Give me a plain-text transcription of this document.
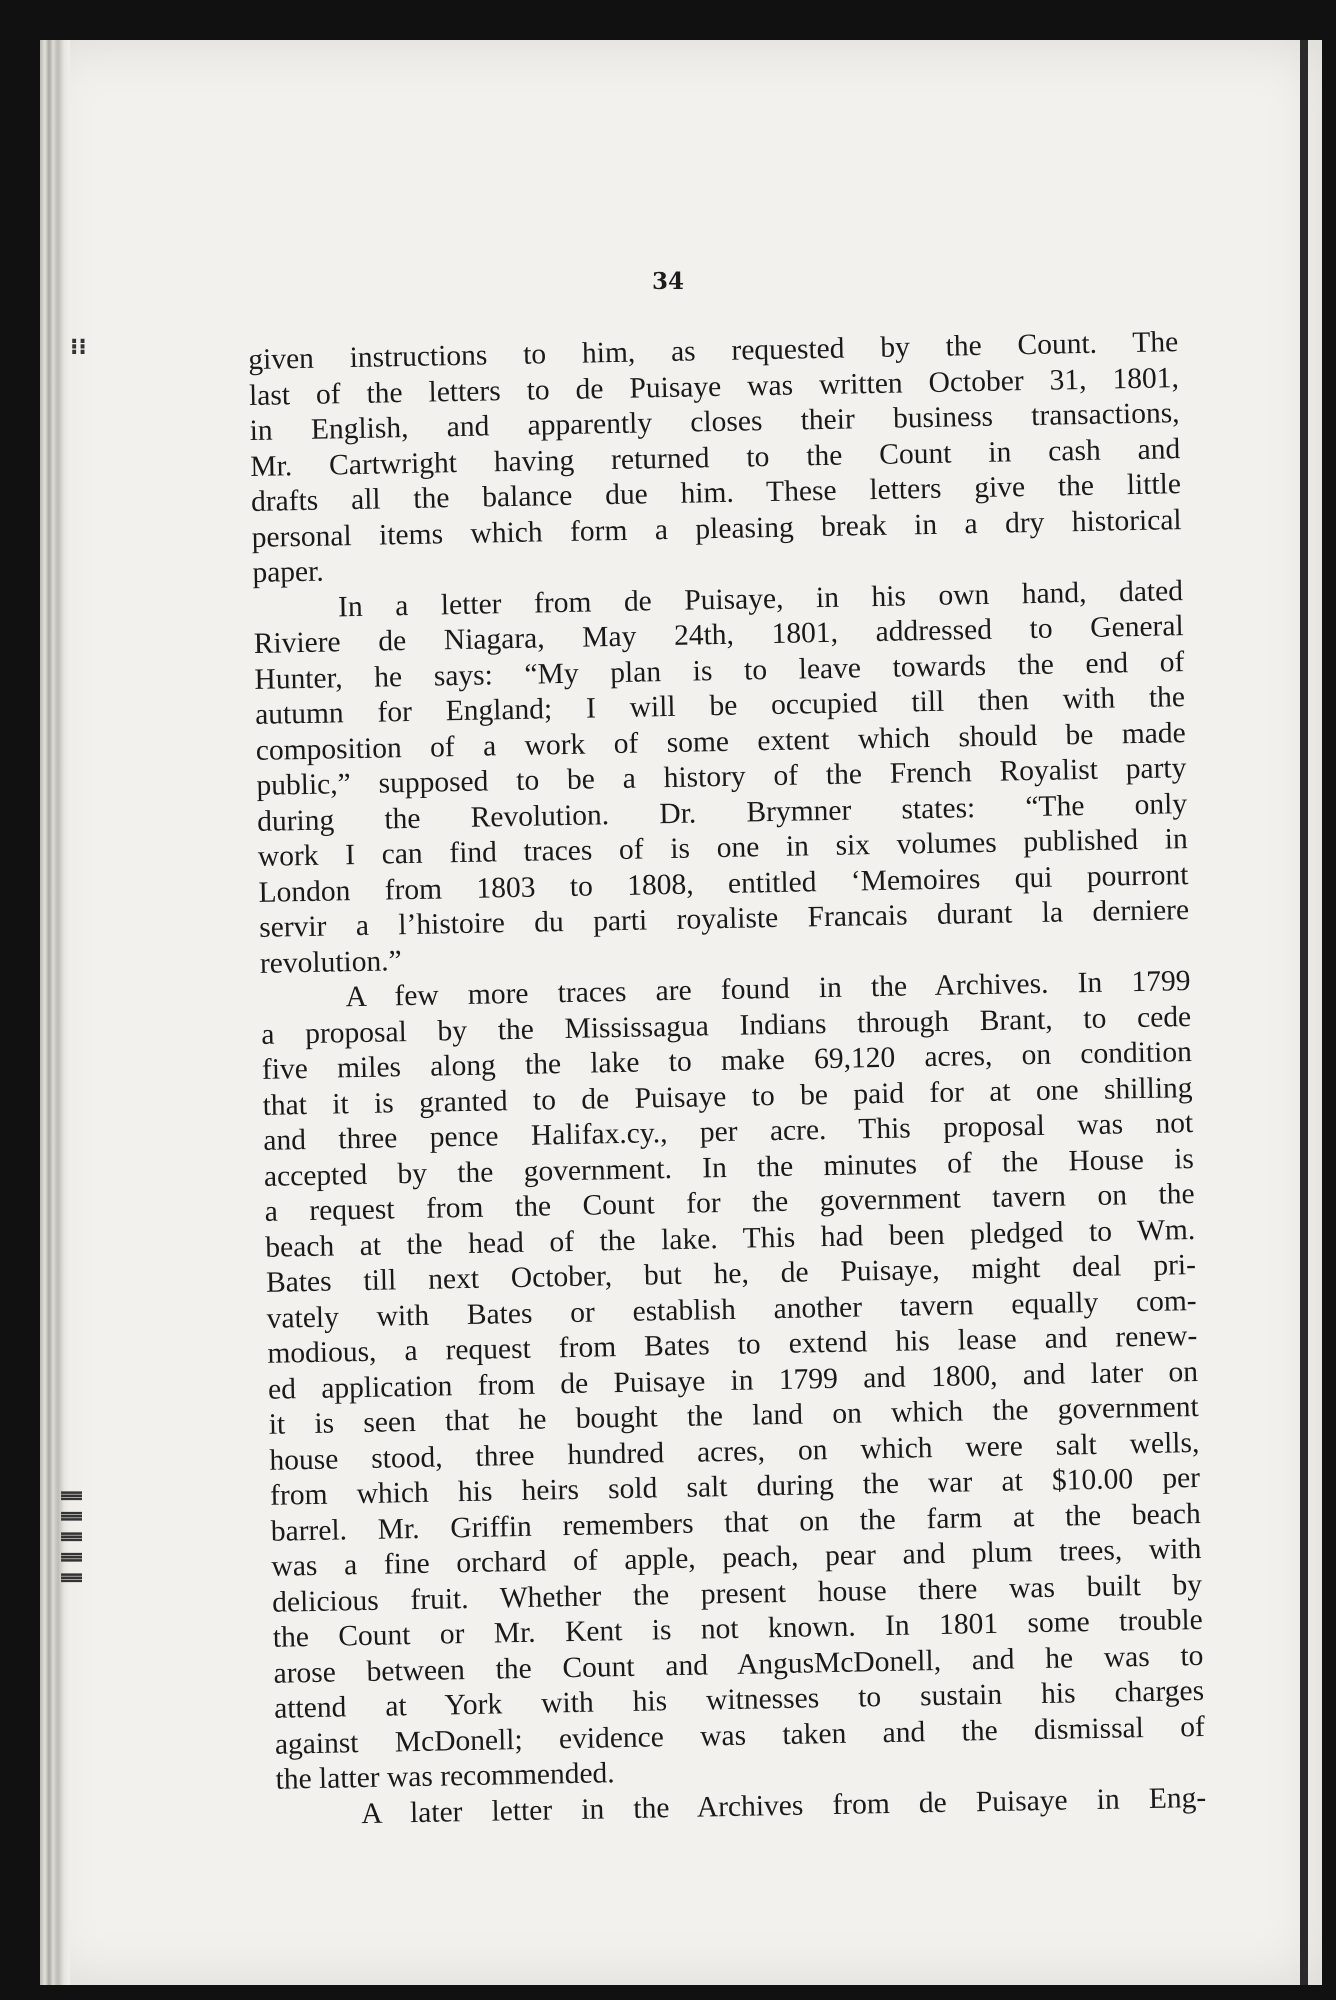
⁝⁝
⦀ ⦀ ⦀ ⦀ ⦀
34
given instructions to him, as requested by the Count. The
last of the letters to de Puisaye was written October 31, 1801,
in English, and apparently closes their business transactions,
Mr. Cartwright having returned to the Count in cash and
drafts all the balance due him. These letters give the little
personal items which form a pleasing break in a dry historical
paper.
In a letter from de Puisaye, in his own hand, dated
Riviere de Niagara, May 24th, 1801, addressed to General
Hunter, he says: “My plan is to leave towards the end of
autumn for England; I will be occupied till then with the
composition of a work of some extent which should be made
public,” supposed to be a history of the French Royalist party
during the Revolution. Dr. Brymner states: “The only
work I can find traces of is one in six volumes published in
London from 1803 to 1808, entitled ‘Memoires qui pourront
servir a l’histoire du parti royaliste Francais durant la derniere
revolution.”
A few more traces are found in the Archives. In 1799
a proposal by the Mississagua Indians through Brant, to cede
five miles along the lake to make 69,120 acres, on condition
that it is granted to de Puisaye to be paid for at one shilling
and three pence Halifax.cy., per acre. This proposal was not
accepted by the government. In the minutes of the House is
a request from the Count for the government tavern on the
beach at the head of the lake. This had been pledged to Wm.
Bates till next October, but he, de Puisaye, might deal pri-
vately with Bates or establish another tavern equally com-
modious, a request from Bates to extend his lease and renew-
ed application from de Puisaye in 1799 and 1800, and later on
it is seen that he bought the land on which the government
house stood, three hundred acres, on which were salt wells,
from which his heirs sold salt during the war at $10.00 per
barrel. Mr. Griffin remembers that on the farm at the beach
was a fine orchard of apple, peach, pear and plum trees, with
delicious fruit. Whether the present house there was built by
the Count or Mr. Kent is not known. In 1801 some trouble
arose between the Count and AngusMcDonell, and he was to
attend at York with his witnesses to sustain his charges
against McDonell; evidence was taken and the dismissal of
the latter was recommended.
A later letter in the Archives from de Puisaye in Eng-
